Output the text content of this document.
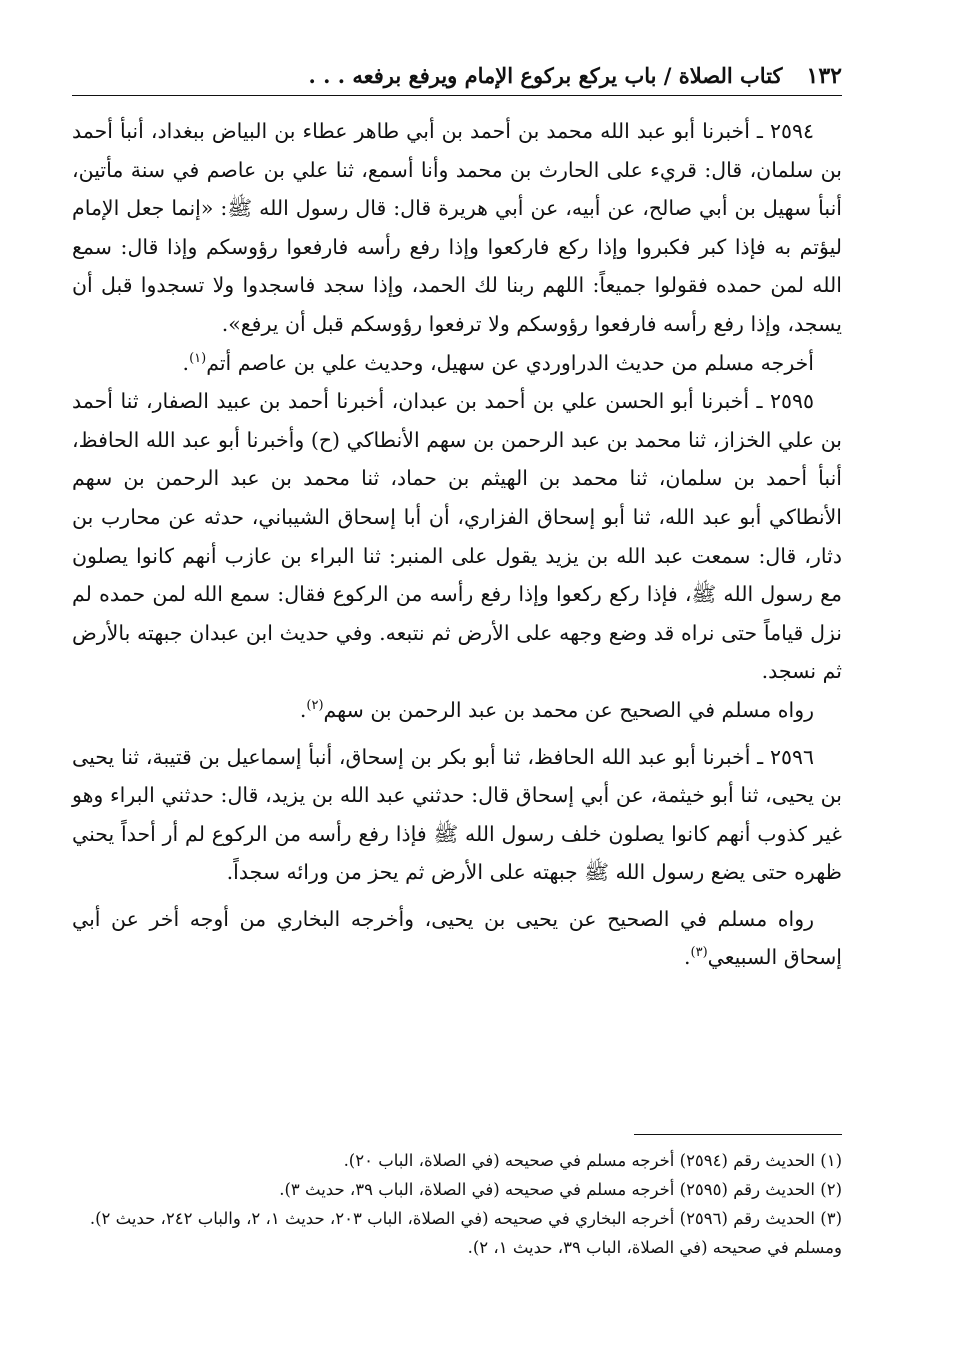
١٣٢
كتاب الصلاة / باب يركع بركوع الإمام ويرفع برفعه . . .

٢٥٩٤ ـ أخبرنا أبو عبد الله محمد بن أحمد بن أبي طاهر عطاء بن البياض ببغداد، أنبأ أحمد بن سلمان، قال: قريء على الحارث بن محمد وأنا أسمع، ثنا علي بن عاصم في سنة مأتين، أنبأ سهيل بن أبي صالح، عن أبيه، عن أبي هريرة قال: قال رسول الله ﷺ: «إنما جعل الإمام ليؤتم به فإذا كبر فكبروا وإذا ركع فاركعوا وإذا رفع رأسه فارفعوا رؤوسكم وإذا قال: سمع الله لمن حمده فقولوا جميعاً: اللهم ربنا لك الحمد، وإذا سجد فاسجدوا ولا تسجدوا قبل أن يسجد، وإذا رفع رأسه فارفعوا رؤوسكم ولا ترفعوا رؤوسكم قبل أن يرفع».

أخرجه مسلم من حديث الدراوردي عن سهيل، وحديث علي بن عاصم أتم$^{(١)}$.

٢٥٩٥ ـ أخبرنا أبو الحسن علي بن أحمد بن عبدان، أخبرنا أحمد بن عبيد الصفار، ثنا أحمد بن علي الخزاز، ثنا محمد بن عبد الرحمن بن سهم الأنطاكي (ح) وأخبرنا أبو عبد الله الحافظ، أنبأ أحمد بن سلمان، ثنا محمد بن الهيثم بن حماد، ثنا محمد بن عبد الرحمن بن سهم الأنطاكي أبو عبد الله، ثنا أبو إسحاق الفزاري، أن أبا إسحاق الشيباني، حدثه عن محارب بن دثار، قال: سمعت عبد الله بن يزيد يقول على المنبر: ثنا البراء بن عازب أنهم كانوا يصلون مع رسول الله ﷺ، فإذا ركع ركعوا وإذا رفع رأسه من الركوع فقال: سمع الله لمن حمده لم نزل قياماً حتى نراه قد وضع وجهه على الأرض ثم نتبعه. وفي حديث ابن عبدان جبهته بالأرض ثم نسجد.

رواه مسلم في الصحيح عن محمد بن عبد الرحمن بن سهم$^{(٢)}$.

٢٥٩٦ ـ أخبرنا أبو عبد الله الحافظ، ثنا أبو بكر بن إسحاق، أنبأ إسماعيل بن قتيبة، ثنا يحيى بن يحيى، ثنا أبو خيثمة، عن أبي إسحاق قال: حدثني عبد الله بن يزيد، قال: حدثني البراء وهو غير كذوب أنهم كانوا يصلون خلف رسول الله ﷺ فإذا رفع رأسه من الركوع لم أر أحداً يحني ظهره حتى يضع رسول الله ﷺ جبهته على الأرض ثم يحز من ورائه سجداً.

رواه مسلم في الصحيح عن يحيى بن يحيى، وأخرجه البخاري من أوجه أخر عن أبي إسحاق السبيعي$^{(٣)}$.

(١) الحديث رقم (٢٥٩٤) أخرجه مسلم في صحيحه (في الصلاة، الباب ٢٠).

(٢) الحديث رقم (٢٥٩٥) أخرجه مسلم في صحيحه (في الصلاة، الباب ٣٩، حديث ٣).

(٣) الحديث رقم (٢٥٩٦) أخرجه البخاري في صحيحه (في الصلاة، الباب ٢٠٣، حديث ١، ٢، والباب ٢٤٢، حديث ٢). ومسلم في صحيحه (في الصلاة، الباب ٣٩، حديث ١، ٢).
